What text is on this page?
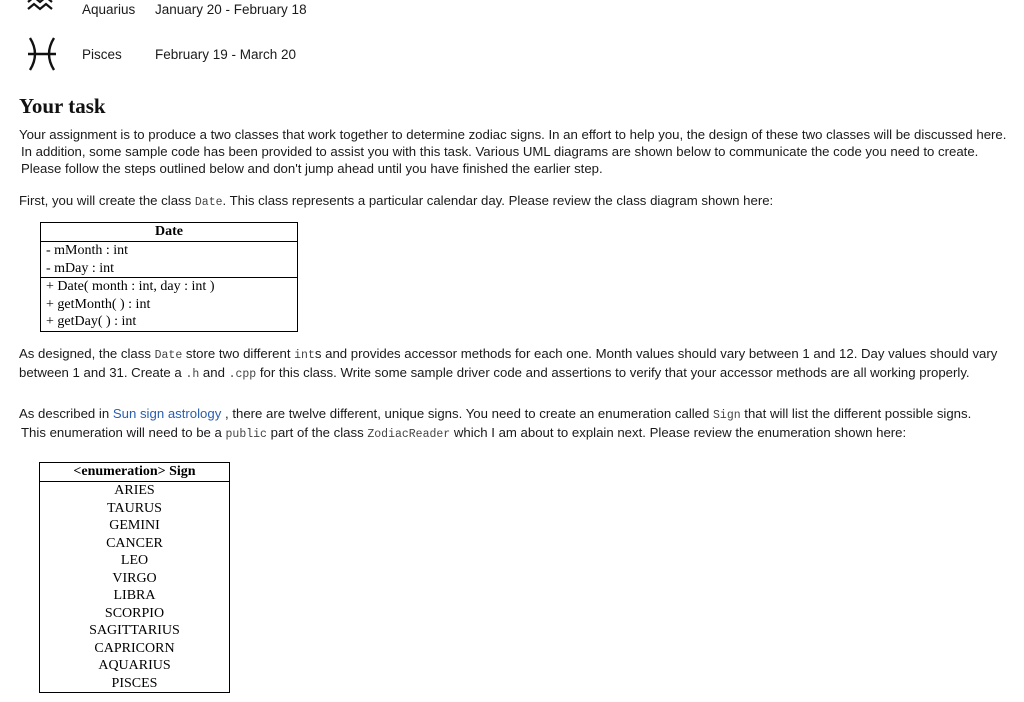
Aquarius January 20 - February 18
Pisces February 19 - March 20
Your task
Your assignment is to produce a two classes that work together to determine zodiac signs. In an effort to help you, the design of these two classes will be discussed here.
In addition, some sample code has been provided to assist you with this task. Various UML diagrams are shown below to communicate the code you need to create.
Please follow the steps outlined below and don't jump ahead until you have finished the earlier step.
First, you will create the class Date. This class represents a particular calendar day. Please review the class diagram shown here:
Date
- mMonth : int
- mDay : int
+ Date( month : int, day : int )
+ getMonth( ) : int
+ getDay( ) : int
As designed, the class Date store two different ints and provides accessor methods for each one. Month values should vary between 1 and 12. Day values should vary
between 1 and 31. Create a .h and .cpp for this class. Write some sample driver code and assertions to verify that your accessor methods are all working properly.
As described in Sun sign astrology , there are twelve different, unique signs. You need to create an enumeration called Sign that will list the different possible signs.
This enumeration will need to be a public part of the class ZodiacReader which I am about to explain next. Please review the enumeration shown here:
<enumeration> Sign
ARIES
TAURUS
GEMINI
CANCER
LEO
VIRGO
LIBRA
SCORPIO
SAGITTARIUS
CAPRICORN
AQUARIUS
PISCES
